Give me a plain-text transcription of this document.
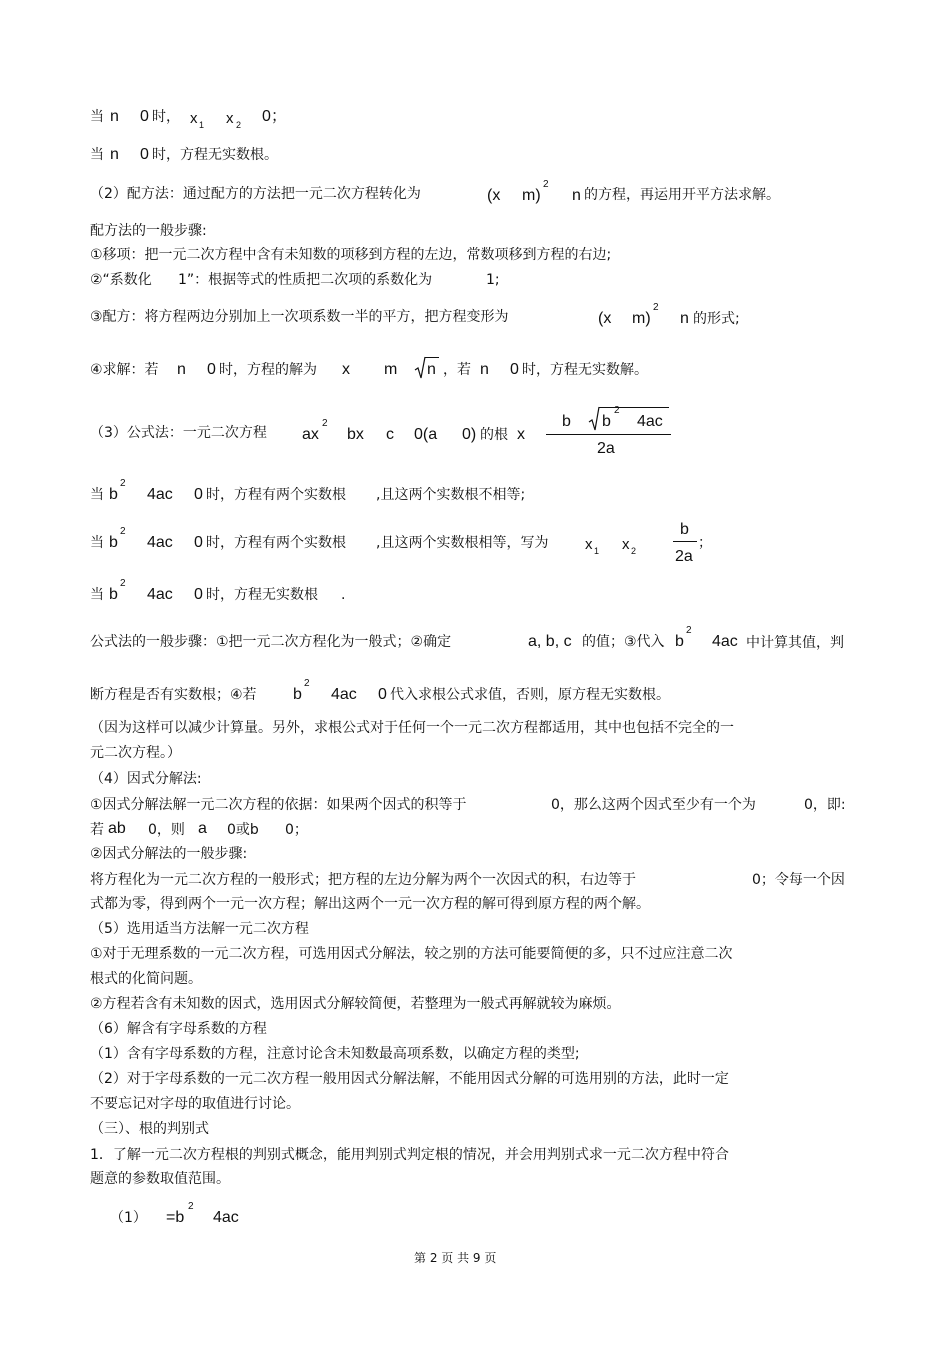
当 n 0 时， x 1 x 2 0；
当 n 0 时，方程无实数根。
（2）配方法：通过配方的方法把一元二次方程转化为	(x m)
2
n 的方程，再运用开平方法求解。
配方法的一般步骤:
①移项：把一元二次方程中含有未知数的项移到方程的左边，常数项移到方程的右边;
②“系数化 1”：根据等式的性质把二次项的系数化为	1;
③配方：将方程两边分别加上一次项系数一半的平方，把方程变形为	(x m)
2
n 的形式;
④求解：若 n 0 时，方程的解为 x m n ，若 n 0 时，方程无实数解。
（3）公式法：一元二次方程 ax
2
bx c 0(a 0) 的根 x
b b
2
4ac
2a
当 b
2
4ac 0 时，方程有两个实数根 ,且这两个实数根不相等;
当 b
2
4ac 0 时，方程有两个实数根 ,且这两个实数根相等，写为 x 1 x 2
b
2a
；
当 b
2
4ac 0 时，方程无实数根 .
公式法的一般步骤：①把一元二次方程化为一般式；②确定	a, b, c 的值；③代入 b
2
4ac 中计算其值，判
断方程是否有实数根；④若 b
2
4ac 0 代入求根公式求值，否则，原方程无实数根。
（因为这样可以减少计算量。另外，求根公式对于任何一个一元二次方程都适用，其中也包括不完全的一
元二次方程。）
（4）因式分解法:
①因式分解法解一元二次方程的依据：如果两个因式的积等于	0，那么这两个因式至少有一个为	0，即:
若 ab 0，则 a 0或b 0；
②因式分解法的一般步骤:
将方程化为一元二次方程的一般形式；把方程的左边分解为两个一次因式的积，右边等于	0；令每一个因
式都为零，得到两个一元一次方程；解出这两个一元一次方程的解可得到原方程的两个解。
（5）选用适当方法解一元二次方程
①对于无理系数的一元二次方程，可选用因式分解法，较之别的方法可能要简便的多，只不过应注意二次
根式的化简问题。
②方程若含有未知数的因式，选用因式分解较简便，若整理为一般式再解就较为麻烦。
（6）解含有字母系数的方程
（1）含有字母系数的方程，注意讨论含未知数最高项系数，以确定方程的类型;
（2）对于字母系数的一元二次方程一般用因式分解法解，不能用因式分解的可选用别的方法，此时一定
不要忘记对字母的取值进行讨论。
（三）、根的判别式
1．了解一元二次方程根的判别式概念，能用判别式判定根的情况，并会用判别式求一元二次方程中符合
题意的参数取值范围。
（1） =b
2
4ac
第 2 页 共 9 页
